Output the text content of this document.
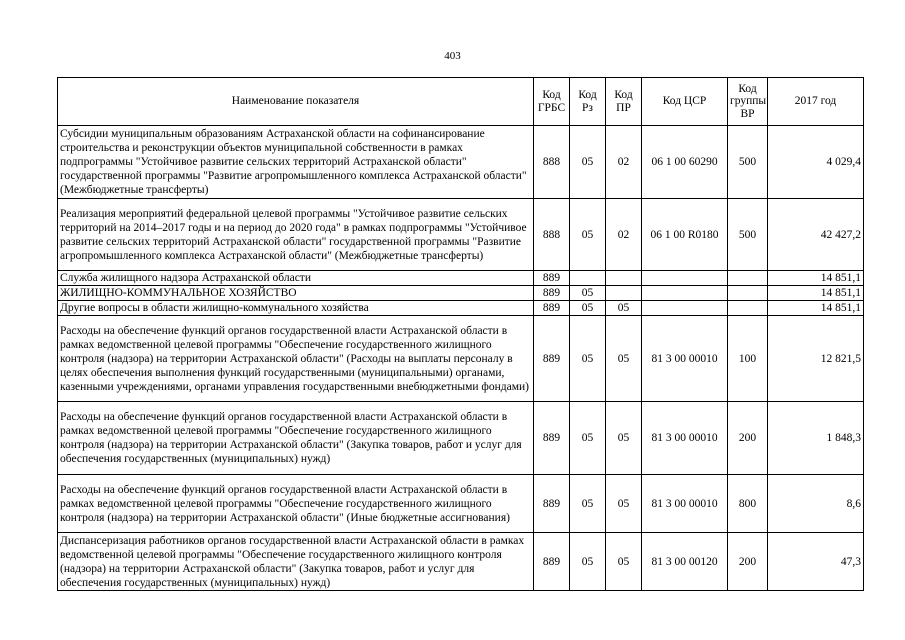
403
Наименование показателя	Код ГРБС	Код Рз	Код ПР	Код ЦСР	Код группы ВР	2017 год
Субсидии муниципальным образованиям Астраханской области на софинансирование строительства и реконструкции объектов муниципальной собственности в рамках подпрограммы "Устойчивое развитие сельских территорий Астраханской области" государственной программы "Развитие агропромышленного комплекса Астраханской области" (Межбюджетные трансферты)	888	05	02	06 1 00 60290	500	4 029,4
Реализация мероприятий федеральной целевой программы "Устойчивое развитие сельских территорий на 2014–2017 годы и на период до 2020 года" в рамках подпрограммы "Устойчивое развитие сельских территорий Астраханской области" государственной программы "Развитие агропромышленного комплекса Астраханской области" (Межбюджетные трансферты)	888	05	02	06 1 00 R0180	500	42 427,2
Служба жилищного надзора Астраханской области	889					14 851,1
ЖИЛИЩНО-КОММУНАЛЬНОЕ ХОЗЯЙСТВО	889	05				14 851,1
Другие вопросы в области жилищно-коммунального хозяйства	889	05	05			14 851,1
Расходы на обеспечение функций органов государственной власти Астраханской области в рамках ведомственной целевой программы "Обеспечение государственного жилищного контроля (надзора) на территории Астраханской области" (Расходы на выплаты персоналу в целях обеспечения выполнения функций государственными (муниципальными) органами, казенными учреждениями, органами управления государственными внебюджетными фондами)	889	05	05	81 3 00 00010	100	12 821,5
Расходы на обеспечение функций органов государственной власти Астраханской области в рамках ведомственной целевой программы "Обеспечение государственного жилищного контроля (надзора) на территории Астраханской области" (Закупка товаров, работ и услуг для обеспечения государственных (муниципальных) нужд)	889	05	05	81 3 00 00010	200	1 848,3
Расходы на обеспечение функций органов государственной власти Астраханской области в рамках ведомственной целевой программы "Обеспечение государственного жилищного контроля (надзора) на территории Астраханской области" (Иные бюджетные ассигнования)	889	05	05	81 3 00 00010	800	8,6
Диспансеризация работников органов государственной власти Астраханской области в рамках ведомственной целевой программы "Обеспечение государственного жилищного контроля (надзора) на территории Астраханской области" (Закупка товаров, работ и услуг для обеспечения государственных (муниципальных) нужд)	889	05	05	81 3 00 00120	200	47,3
